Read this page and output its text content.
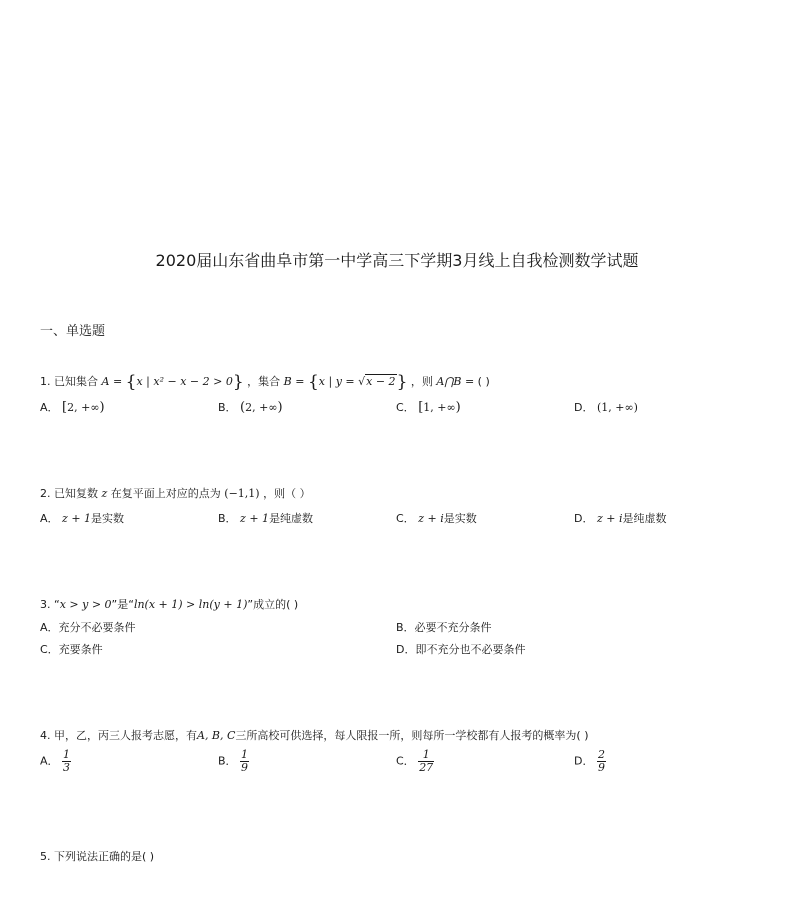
2020届山东省曲阜市第一中学高三下学期3月线上自我检测数学试题
一、单选题
1. 已知集合 A = {x | x² − x − 2 > 0} ，集合 B = {x | y = √x − 2} ，则 A⋂B = ( )
A． [2, +∞)	B． (2, +∞)	C． [1, +∞)	D． (1, +∞)
2. 已知复数 z 在复平面上对应的点为 (−1,1) ，则（ ）
A． z + 1是实数	B． z + 1是纯虚数	C． z + i是实数	D． z + i是纯虚数
3. “x > y > 0”是“ln(x + 1) > ln(y + 1)”成立的( )
A．充分不必要条件	B．必要不充分条件
C．充要条件	D．即不充分也不必要条件
4. 甲，乙，丙三人报考志愿，有A, B, C三所高校可供选择，每人限报一所，则每所一学校都有人报考的概率为( )
A． $\frac{1}{3}$	B． $\frac{1}{9}$	C． $\frac{1}{27}$	D． $\frac{2}{9}$
5. 下列说法正确的是( )
